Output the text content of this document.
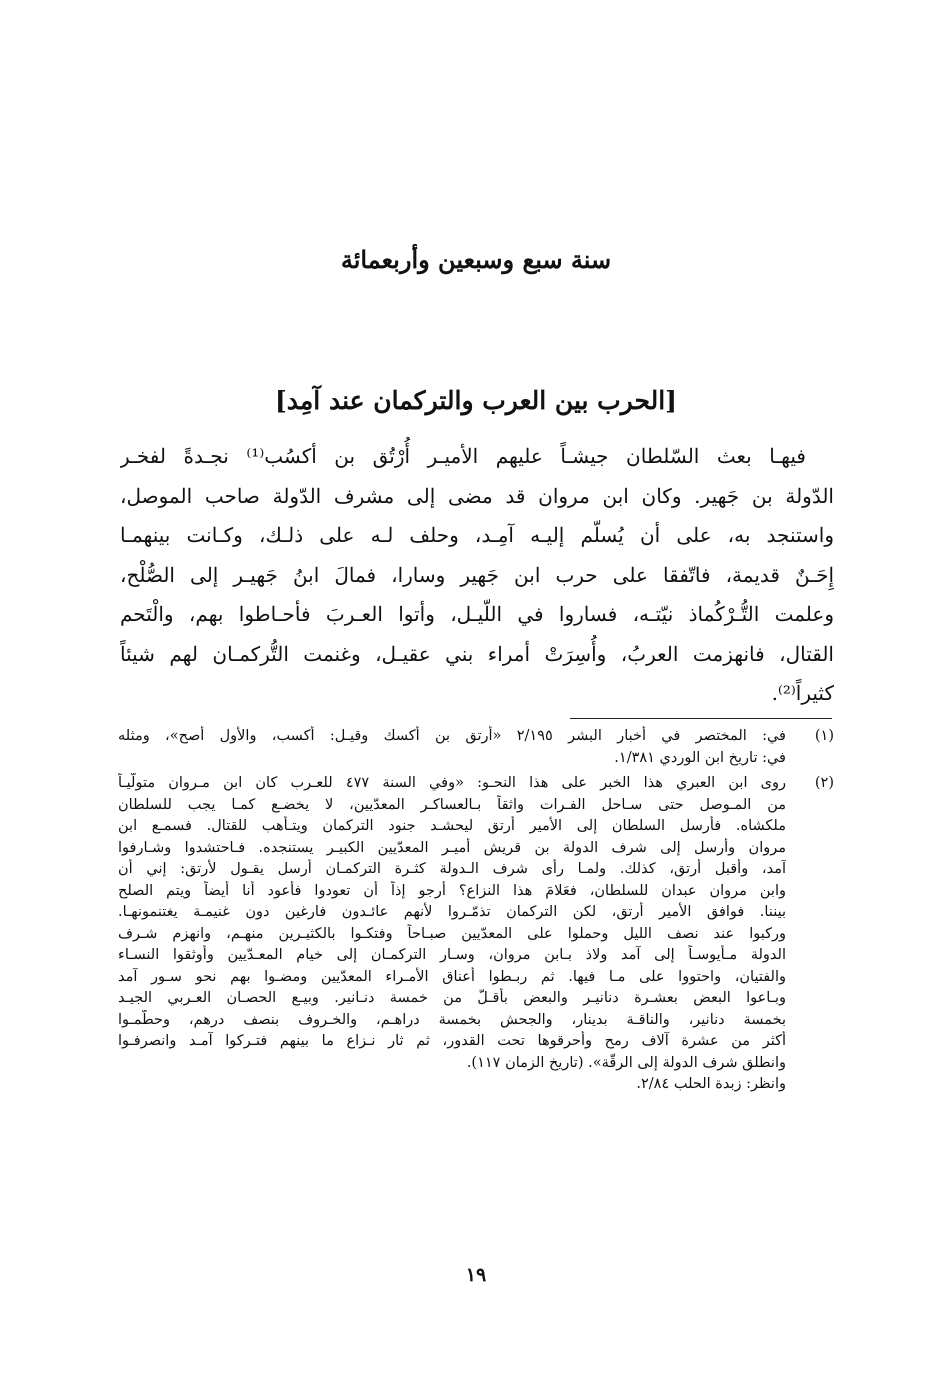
سنة سبع وسبعين وأربعمائة
[الحرب بين العرب والتركمان عند آمِد]
فيهـا بعث السّلطان جيشـاً عليهم الأميـر أُرْتُق بن أكسُب⁽¹⁾ نجـدةً لفخـر
الدّولة بن جَهير. وكان ابن مروان قد مضى إلى مشرف الدّولة صاحب الموصل،
واستنجد به، على أن يُسلّم إليـه آمِـد، وحلف لـه على ذلـك، وكـانت بينهمـا
إِحَـنٌ قديمة، فاتّفقا على حرب ابن جَهير وسارا، فمالَ ابنُ جَهيـر إلى الصُّلْح،
وعلمت التُّـرْكُماذ نيّتـه، فساروا في اللّيـل، وأتوا العـربَ فأحـاطوا بهم، والْتَحم
القتال، فانهزمت العربُ، وأُسِرَتْ أمراء بني عقيـل، وغنمت التُّركمـان لهم شيئاً
كثيراً⁽²⁾.
(١)
في: المختصر في أخبار البشر ٢/١٩٥ «أرتق بن أكسك وقيـل: أكسب، والأول أصح»، ومثله
في: تاريخ ابن الوردي ١/٣٨١.
(٢)
روى ابن العبري هذا الخبر على هذا النحـو: «وفي السنة ٤٧٧ للعـرب كان ابن مـروان متولّيـاً
من المـوصل حتى سـاحل الفـرات واثقاً بـالعساكـر المعدّيين، لا يخضـع كمـا يجب للسلطان
ملكشاه. فأرسل السلطان إلى الأمير أرتق ليحشـد جنود التركمان ويتـأهب للقتال. فسمـع ابن
مروان وأرسل إلى شرف الدولة بن قريش أميـر المعدّيين الكبيـر يستنجده. فـاحتشدوا وشـارفوا
آمد، وأقبل أرتق، كذلك. ولمـا رأى شرف الـدولة كثـرة التركمـان أرسل يقـول لأرتق: إني أن
وابن مروان عبدان للسلطان، فعَلامَ هذا النزاع؟ أرجو إذاً أن تعودوا فأعود أنا أيضاً ويتم الصلح
بيننا. فوافق الأمير أرتق، لكن التركمان تذمّـروا لأنهم عائـدون فارغين دون غنيمـة يغتنمونهـا.
وركبوا عند نصف الليل وحملوا على المعدّيين صبـاحاً وفتكـوا بالكثيـرين منهـم، وانهزم شـرف
الدولة مـأيوسـاً إلى آمد ولاذ بـابن مروان، وسـار التركمـان إلى خيام المعـدّيين وأوثقوا النسـاء
والفتيان، واحتووا على مـا فيها. ثم ربـطوا أعناق الأمـراء المعدّيين ومضـوا بهم نحو سـور آمد
وبـاعوا البعض بعشـرة دنانيـر والبعض بأقـلّ من خمسة دنـانير. وبيـع الحصـان العـربي الجيـد
بخمسة دنانير، والناقـة بدينار، والجحش بخمسة دراهـم، والخـروف بنصف درهم، وحطّمـوا
أكثر من عشرة آلاف رمح وأحرقوها تحت القدور، ثم ثار نـزاع ما بينهم فتـركوا آمـد وانصرفـوا
وانطلق شرف الدولة إلى الرقّة». (تاريخ الزمان ١١٧).
وانظر: زبدة الحلب ٢/٨٤.
١٩
